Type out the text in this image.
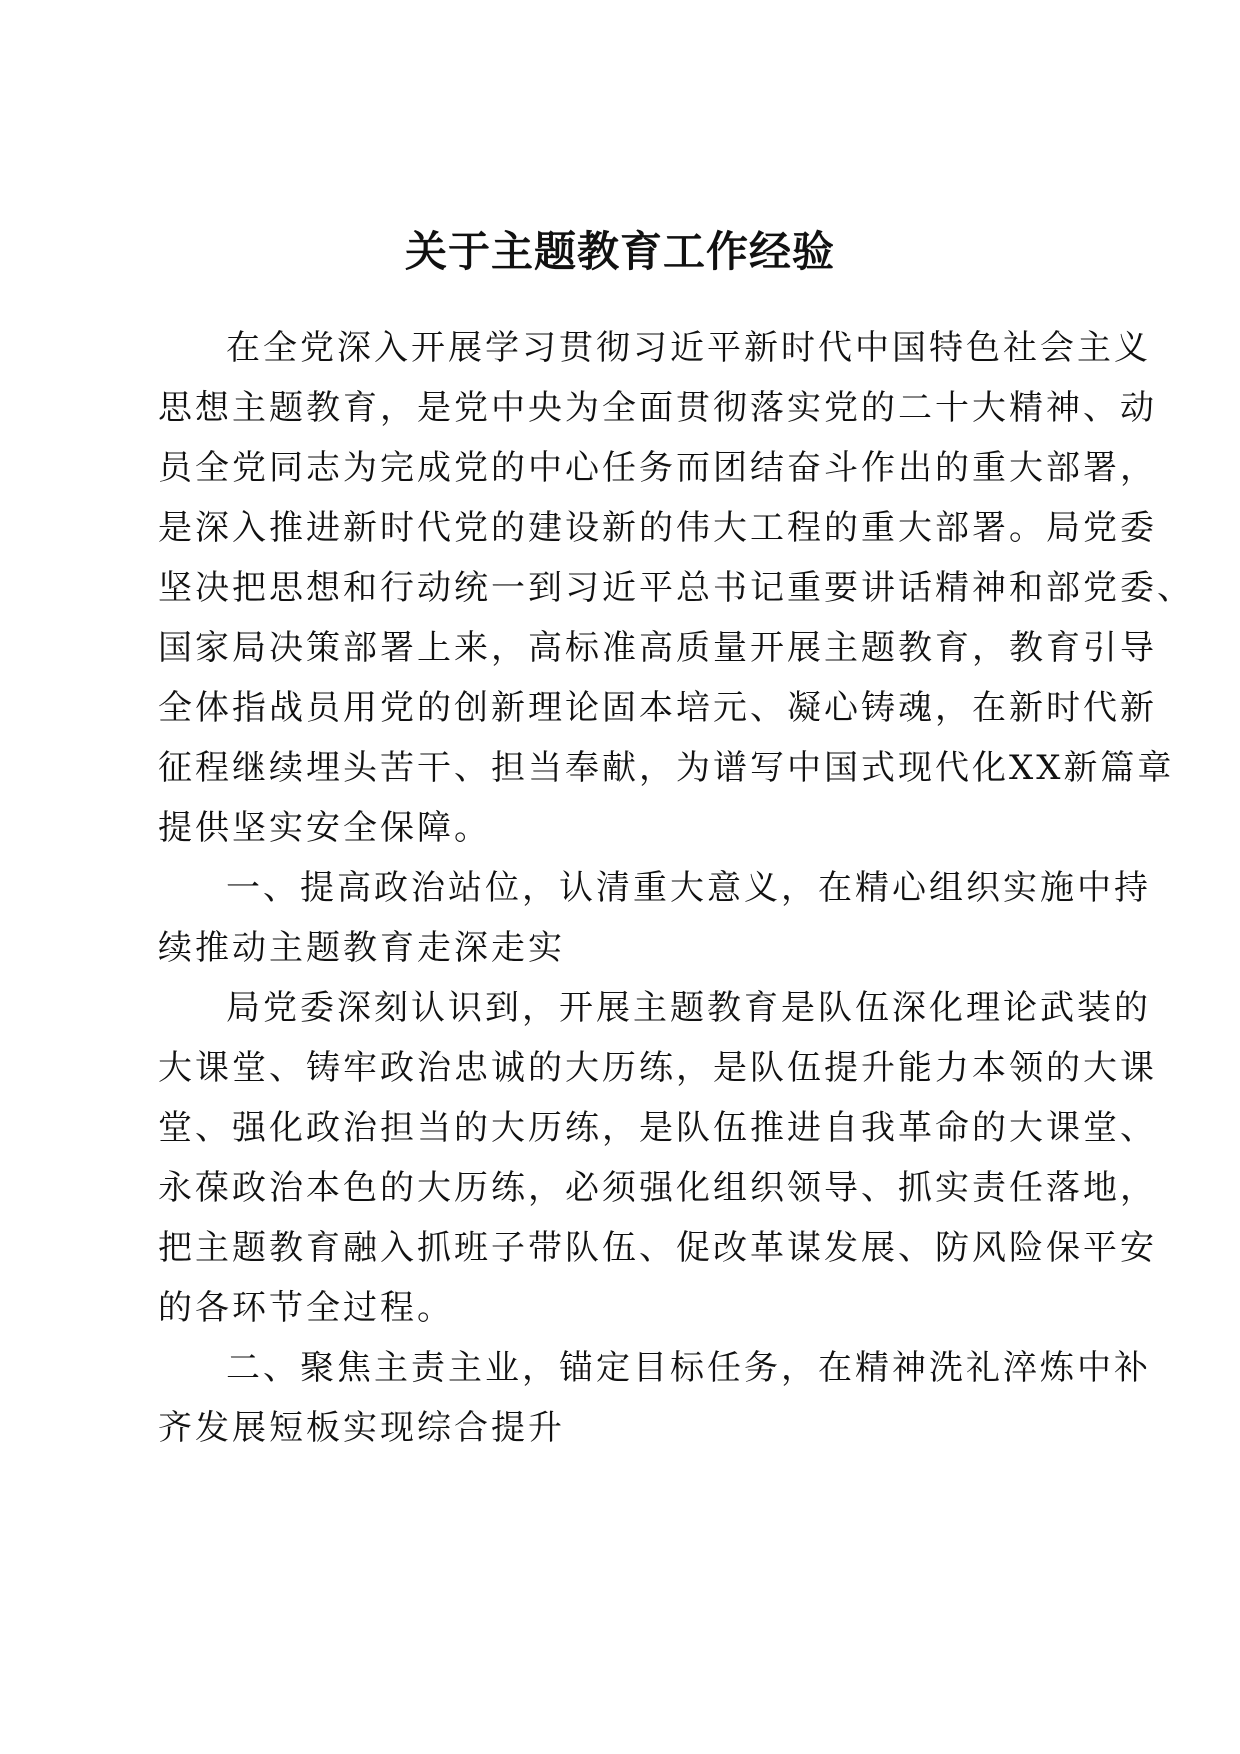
关于主题教育工作经验

在全党深入开展学习贯彻习近平新时代中国特色社会主义

思想主题教育，是党中央为全面贯彻落实党的二十大精神、动

员全党同志为完成党的中心任务而团结奋斗作出的重大部署，

是深入推进新时代党的建设新的伟大工程的重大部署。局党委

坚决把思想和行动统一到习近平总书记重要讲话精神和部党委、

国家局决策部署上来，高标准高质量开展主题教育，教育引导

全体指战员用党的创新理论固本培元、凝心铸魂，在新时代新

征程继续埋头苦干、担当奉献，为谱写中国式现代化XX新篇章

提供坚实安全保障。

一、提高政治站位，认清重大意义，在精心组织实施中持

续推动主题教育走深走实

局党委深刻认识到，开展主题教育是队伍深化理论武装的

大课堂、铸牢政治忠诚的大历练，是队伍提升能力本领的大课

堂、强化政治担当的大历练，是队伍推进自我革命的大课堂、

永葆政治本色的大历练，必须强化组织领导、抓实责任落地，

把主题教育融入抓班子带队伍、促改革谋发展、防风险保平安

的各环节全过程。

二、聚焦主责主业，锚定目标任务，在精神洗礼淬炼中补

齐发展短板实现综合提升
